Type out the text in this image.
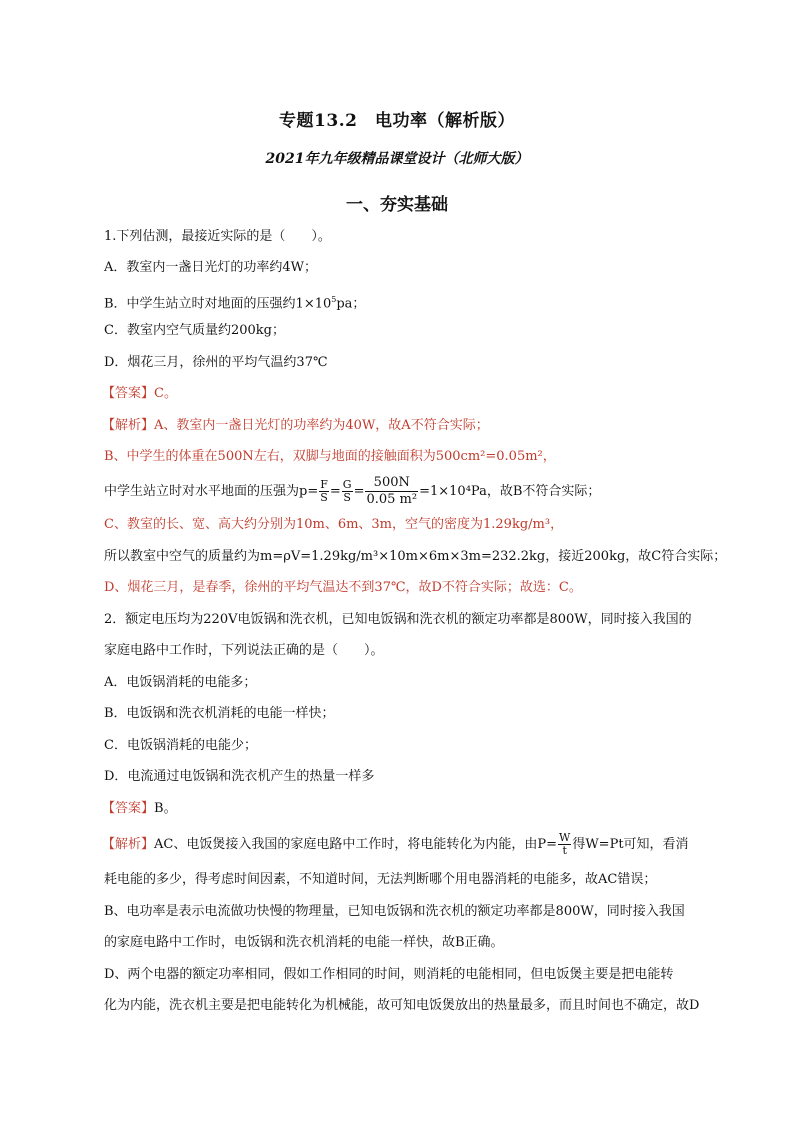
专题13.2　电功率（解析版）
2021年九年级精品课堂设计（北师大版）
一、夯实基础
1.下列估测，最接近实际的是（　　）。
A．教室内一盏日光灯的功率约4W；
B．中学生站立时对地面的压强约$1\times 10^5pa$；
C．教室内空气质量约200kg；
D．烟花三月，徐州的平均气温约37℃
【答案】C。
【解析】A、教室内一盏日光灯的功率约为40W，故A不符合实际；
B、中学生的体重在500N左右，双脚与地面的接触面积为500cm²=0.05m²，
中学生站立时对水平地面的压强为$p= \frac{F}{S} = \frac{G}{S} = \frac{500N}{\text{0.05 m²}} =1\times 10^4Pa$，故B不符合实际；
C、教室的长、宽、高大约分别为10m、6m、3m，空气的密度为1.29kg/m³，
所以教室中空气的质量约为m=ρV=1.29kg/m³×10m×6m×3m=232.2kg，接近200kg，故C符合实际；
D、烟花三月，是春季，徐州的平均气温达不到37℃，故D不符合实际；故选：C。
2．额定电压均为220V电饭锅和洗衣机，已知电饭锅和洗衣机的额定功率都是800W，同时接入我国的
家庭电路中工作时，下列说法正确的是（　　）。
A．电饭锅消耗的电能多；
B．电饭锅和洗衣机消耗的电能一样快；
C．电饭锅消耗的电能少；
D．电流通过电饭锅和洗衣机产生的热量一样多
【答案】B。
【解析】AC、电饭煲接入我国的家庭电路中工作时，将电能转化为内能，由$P= \frac{W}{t}$ 得W=Pt可知，看消
耗电能的多少，得考虑时间因素，不知道时间，无法判断哪个用电器消耗的电能多，故AC错误；
B、电功率是表示电流做功快慢的物理量，已知电饭锅和洗衣机的额定功率都是800W，同时接入我国
的家庭电路中工作时，电饭锅和洗衣机消耗的电能一样快，故B正确。
D、两个电器的额定功率相同，假如工作相同的时间，则消耗的电能相同，但电饭煲主要是把电能转
化为内能，洗衣机主要是把电能转化为机械能，故可知电饭煲放出的热量最多，而且时间也不确定，故D
